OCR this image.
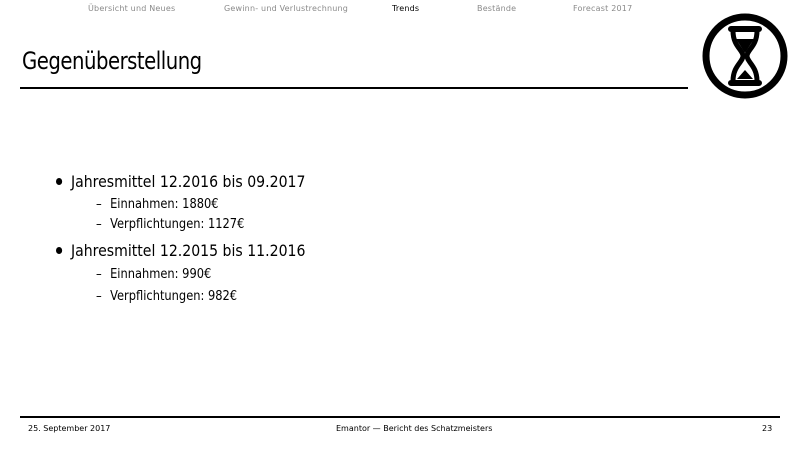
Übersicht und Neues	Gewinn- und Verlustrechnung	Trends	Bestände	Forecast 2017
Gegenüberstellung
Jahresmittel 12.2016 bis 09.2017
– Einnahmen: 1880€
– Verpflichtungen: 1127€
Jahresmittel 12.2015 bis 11.2016
– Einnahmen: 990€
– Verpflichtungen: 982€
25. September 2017	Emantor — Bericht des Schatzmeisters	23
